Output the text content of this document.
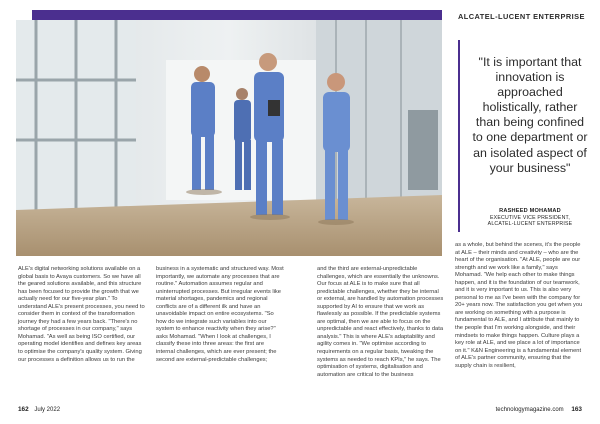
ALCATEL-LUCENT ENTERPRISE
"It is important that innovation is approached holistically, rather than being confined to one department or an isolated aspect of your business"
RASHEED MOHAMAD
EXECUTIVE VICE PRESIDENT,
ALCATEL-LUCENT ENTERPRISE

ALE's digital networking solutions available on a global basis to Avaya customers. So we have all the geared solutions available, and this structure has been focused to provide the growth that we actually need for our five-year plan." To understand ALE's present processes, you need to consider them in context of the transformation journey they had a few years back. "There's no shortage of processes in our company," says Mohamad. "As well as being ISO certified, our operating model identifies and defines key areas to optimise the company's quality system. Giving our processes a definition allows us to run the

business in a systematic and structured way. Most importantly, we automate any processes that are routine." Automation assumes regular and uninterrupted processes. But irregular events like material shortages, pandemics and regional conflicts are of a different ilk and have an unavoidable impact on entire ecosystems. "So how do we integrate such variables into our system to enhance reactivity when they arise?" asks Mohamad. "When I look at challenges, I classify these into three areas: the first are internal challenges, which are ever present; the second are external-predictable challenges;

and the third are external-unpredictable challenges, which are essentially the unknowns. Our focus at ALE is to make sure that all predictable challenges, whether they be internal or external, are handled by automation processes supported by AI to ensure that we work as flawlessly as possible. If the predictable systems are optimal, then we are able to focus on the unpredictable and react effectively, thanks to data analysis." This is where ALE's adaptability and agility comes in. "We optimise according to requirements on a regular basis, tweaking the systems as needed to reach KPIs," he says. The optimisation of systems, digitalisation and automation are critical to the business

as a whole, but behind the scenes, it's the people at ALE – their minds and creativity – who are the heart of the organisation. "At ALE, people are our strength and we work like a family," says Mohamad. "We help each other to make things happen, and it is the foundation of our teamwork, and it is very important to us. This is also very personal to me as I've been with the company for 20+ years now. The satisfaction you get when you are working on something with a purpose is fundamental to ALE, and I attribute that mainly to the people that I'm working alongside, and their mindsets to make things happen. Culture plays a key role at ALE, and we place a lot of importance on it." K&N Engineering is a fundamental element of ALE's partner community, ensuring that the supply chain is resilient,

162 July 2022	technologymagazine.com 163
